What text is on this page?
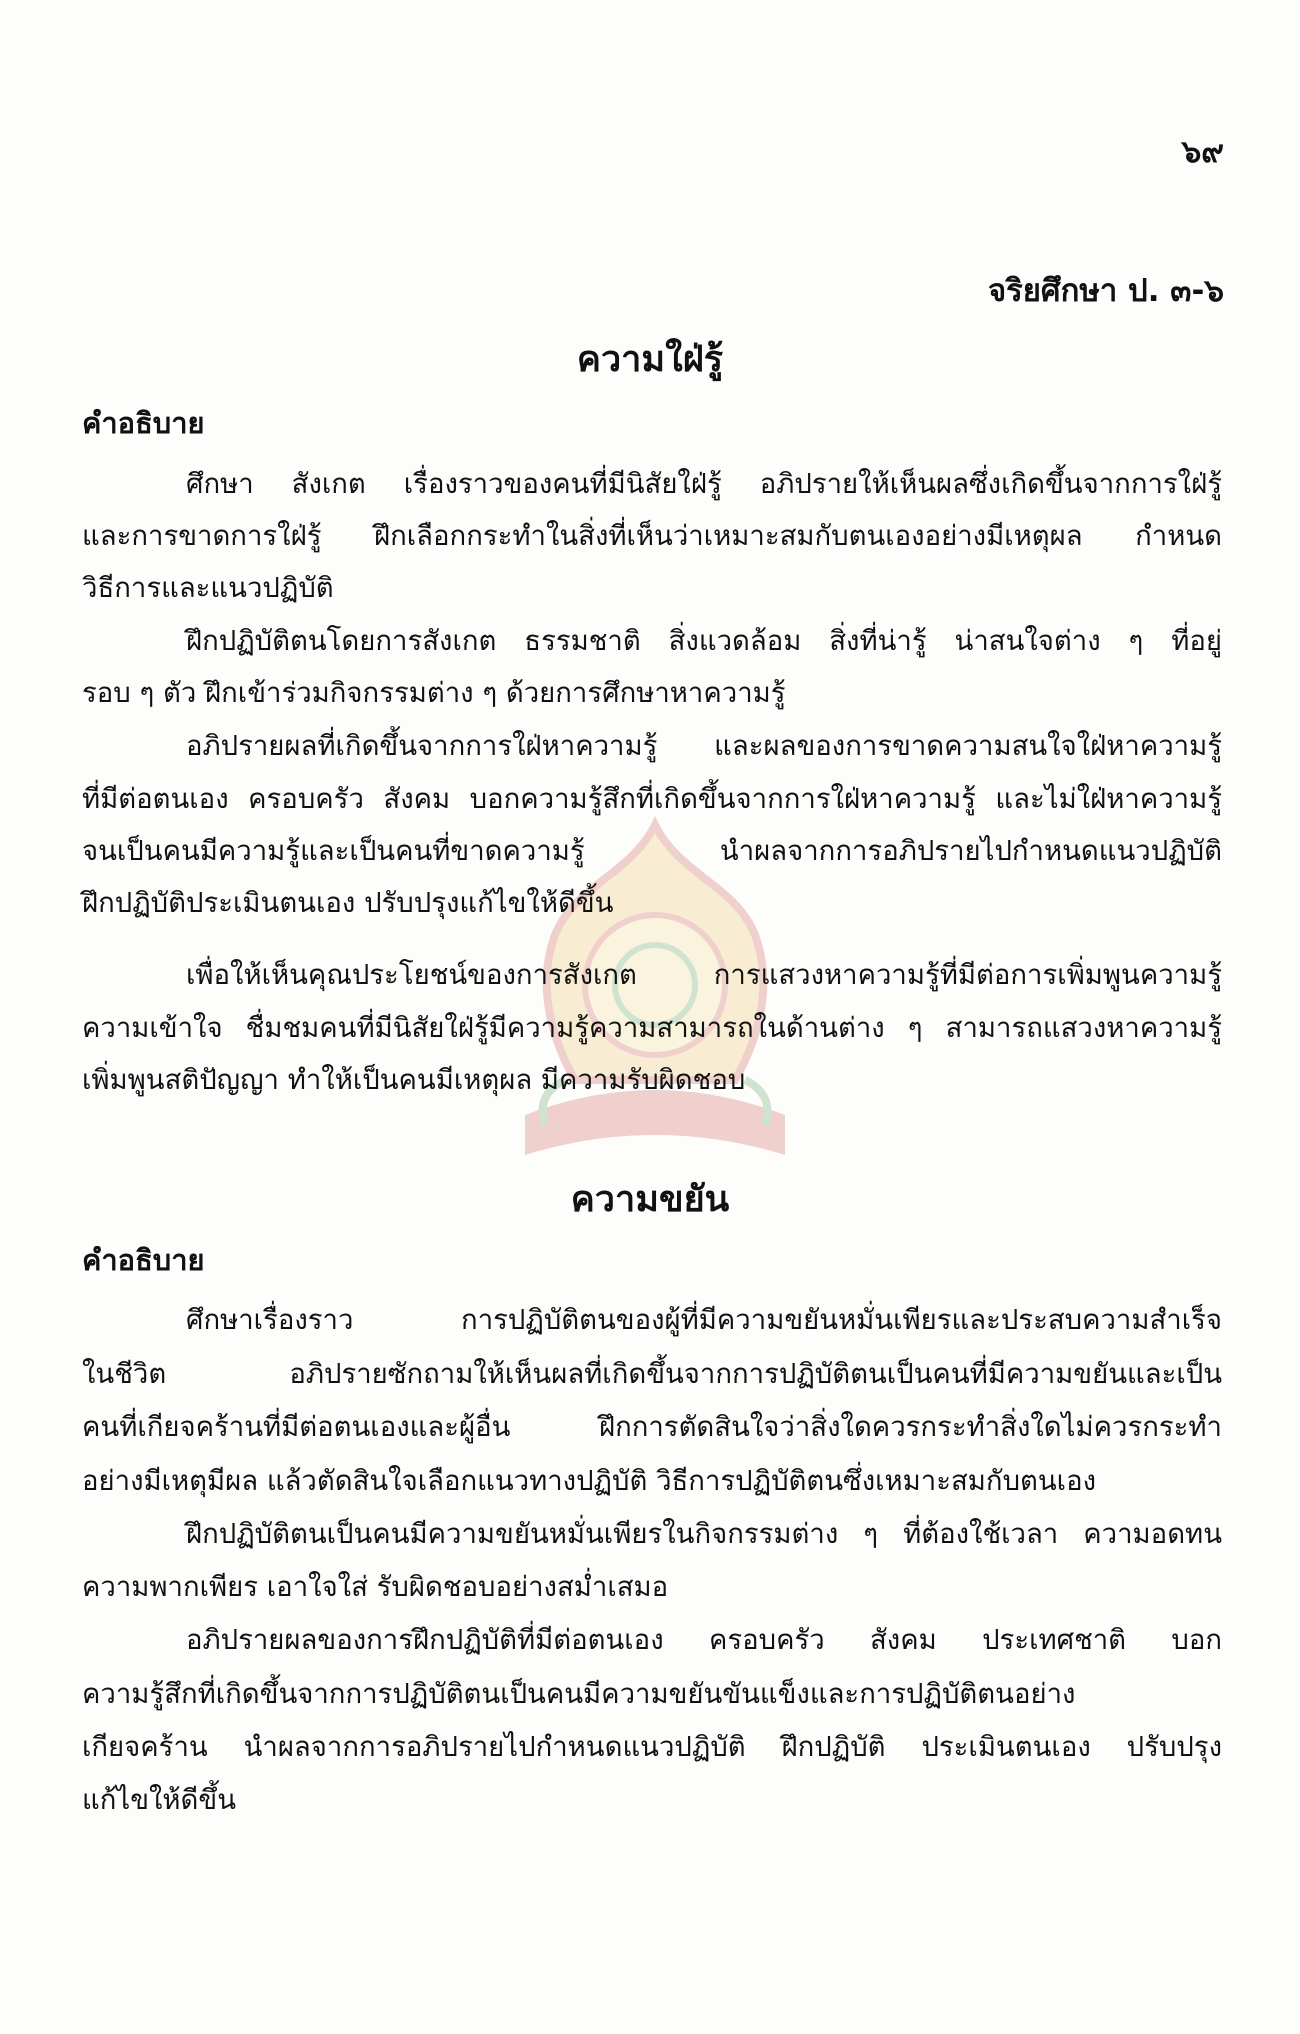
๖๙
จริยศึกษา ป. ๓-๖
ความใฝ่รู้
คำอธิบาย
ศึกษา สังเกต เรื่องราวของคนที่มีนิสัยใฝ่รู้ อภิปรายให้เห็นผลซึ่งเกิดขึ้นจากการใฝ่รู้
และการขาดการใฝ่รู้ ฝึกเลือกกระทำในสิ่งที่เห็นว่าเหมาะสมกับตนเองอย่างมีเหตุผล กำหนด
วิธีการและแนวปฏิบัติ
ฝึกปฏิบัติตนโดยการสังเกต ธรรมชาติ สิ่งแวดล้อม สิ่งที่น่ารู้ น่าสนใจต่าง ๆ ที่อยู่
รอบ ๆ ตัว ฝึกเข้าร่วมกิจกรรมต่าง ๆ ด้วยการศึกษาหาความรู้
อภิปรายผลที่เกิดขึ้นจากการใฝ่หาความรู้ และผลของการขาดความสนใจใฝ่หาความรู้
ที่มีต่อตนเอง ครอบครัว สังคม บอกความรู้สึกที่เกิดขึ้นจากการใฝ่หาความรู้ และไม่ใฝ่หาความรู้
จนเป็นคนมีความรู้และเป็นคนที่ขาดความรู้ นำผลจากการอภิปรายไปกำหนดแนวปฏิบัติ
ฝึกปฏิบัติประเมินตนเอง ปรับปรุงแก้ไขให้ดีขึ้น
เพื่อให้เห็นคุณประโยชน์ของการสังเกต การแสวงหาความรู้ที่มีต่อการเพิ่มพูนความรู้
ความเข้าใจ ชื่มชมคนที่มีนิสัยใฝ่รู้มีความรู้ความสามารถในด้านต่าง ๆ สามารถแสวงหาความรู้
เพิ่มพูนสติปัญญา ทำให้เป็นคนมีเหตุผล มีความรับผิดชอบ
ความขยัน
คำอธิบาย
ศึกษาเรื่องราว การปฏิบัติตนของผู้ที่มีความขยันหมั่นเพียรและประสบความสำเร็จ
ในชีวิต อภิปรายซักถามให้เห็นผลที่เกิดขึ้นจากการปฏิบัติตนเป็นคนที่มีความขยันและเป็น
คนที่เกียจคร้านที่มีต่อตนเองและผู้อื่น ฝึกการตัดสินใจว่าสิ่งใดควรกระทำสิ่งใดไม่ควรกระทำ
อย่างมีเหตุมีผล แล้วตัดสินใจเลือกแนวทางปฏิบัติ วิธีการปฏิบัติตนซึ่งเหมาะสมกับตนเอง
ฝึกปฏิบัติตนเป็นคนมีความขยันหมั่นเพียรในกิจกรรมต่าง ๆ ที่ต้องใช้เวลา ความอดทน
ความพากเพียร เอาใจใส่ รับผิดชอบอย่างสม่ำเสมอ
อภิปรายผลของการฝึกปฏิบัติที่มีต่อตนเอง ครอบครัว สังคม ประเทศชาติ บอก
ความรู้สึกที่เกิดขึ้นจากการปฏิบัติตนเป็นคนมีความขยันขันแข็งและการปฏิบัติตนอย่าง
เกียจคร้าน นำผลจากการอภิปรายไปกำหนดแนวปฏิบัติ ฝึกปฏิบัติ ประเมินตนเอง ปรับปรุง
แก้ไขให้ดีขึ้น
